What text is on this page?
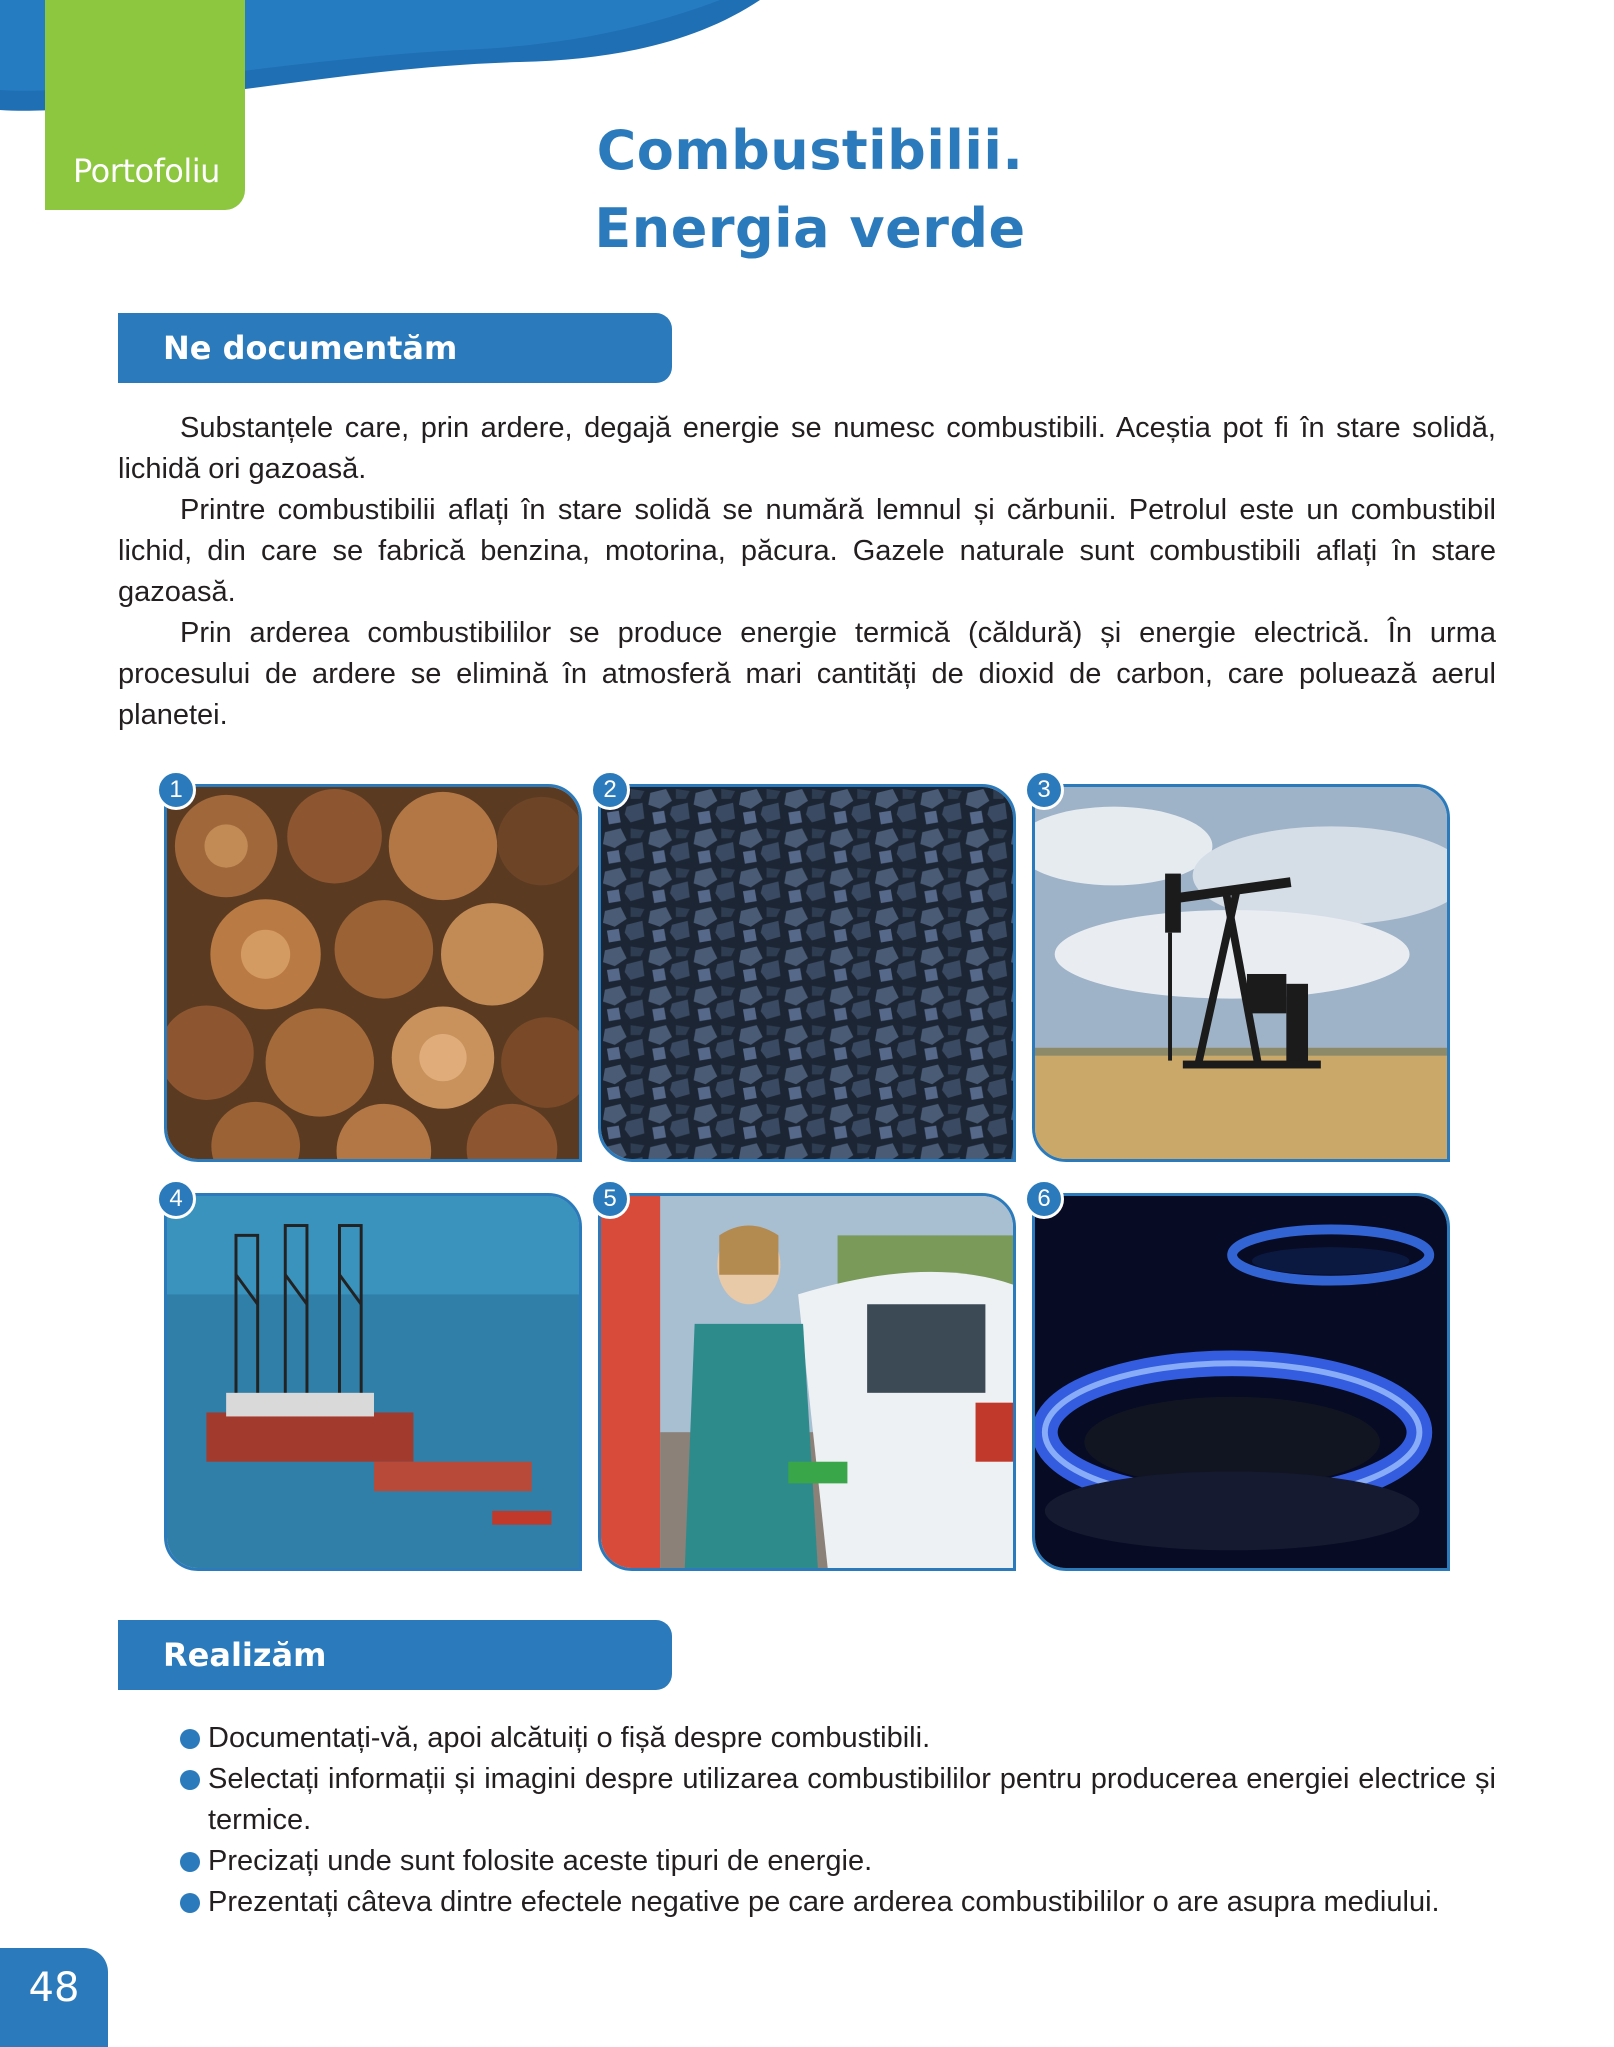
Portofoliu	Combustibilii.
Energia verde
Ne documentăm

Substanțele care, prin ardere, degajă energie se numesc combustibili. Aceștia pot fi în stare solidă, lichidă ori gazoasă.

Printre combustibilii aflați în stare solidă se numără lemnul și cărbunii. Petrolul este un combustibil lichid, din care se fabrică benzina, motorina, păcura. Gazele naturale sunt combustibili aflați în stare gazoasă.

Prin arderea combustibililor se produce energie termică (căldură) și energie electrică. În urma procesului de ardere se elimină în atmosferă mari cantități de dioxid de carbon, care poluează aerul planetei.

1	2	3
4	5	6
Realizăm
Documentați-vă, apoi alcătuiți o fișă despre combustibili.
Selectați informații și imagini despre utilizarea combustibililor pentru producerea energiei electrice și termice.
Precizați unde sunt folosite aceste tipuri de energie.
Prezentați câteva dintre efectele negative pe care arderea combustibililor o are asupra mediului.
48
